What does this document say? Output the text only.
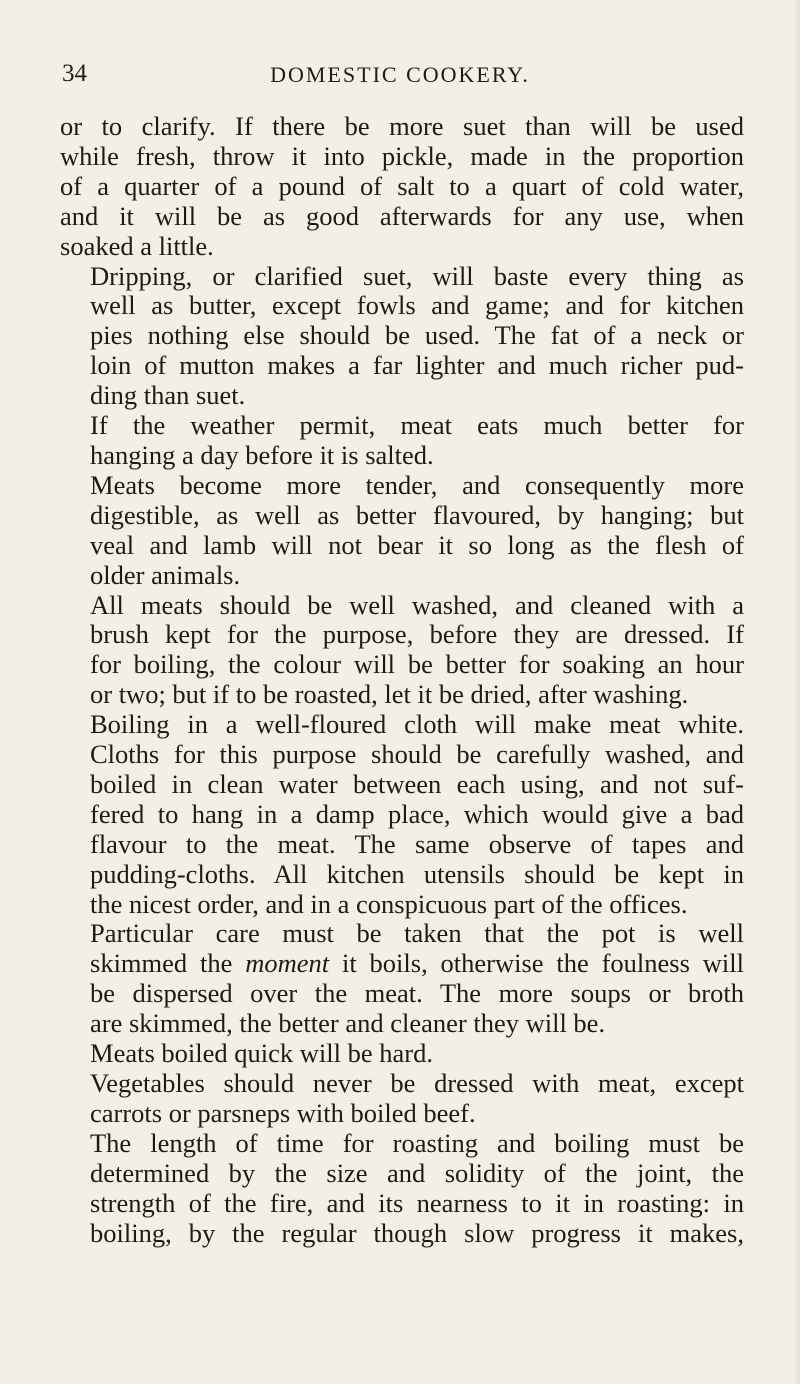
34	DOMESTIC COOKERY.

or to clarify. If there be more suet than will be used
while fresh, throw it into pickle, made in the proportion
of a quarter of a pound of salt to a quart of cold water,
and it will be as good afterwards for any use, when
soaked a little.

Dripping, or clarified suet, will baste every thing as
well as butter, except fowls and game; and for kitchen
pies nothing else should be used. The fat of a neck or
loin of mutton makes a far lighter and much richer pud-
ding than suet.

If the weather permit, meat eats much better for
hanging a day before it is salted.

Meats become more tender, and consequently more
digestible, as well as better flavoured, by hanging; but
veal and lamb will not bear it so long as the flesh of
older animals.

All meats should be well washed, and cleaned with a
brush kept for the purpose, before they are dressed. If
for boiling, the colour will be better for soaking an hour
or two; but if to be roasted, let it be dried, after washing.

Boiling in a well-floured cloth will make meat white.
Cloths for this purpose should be carefully washed, and
boiled in clean water between each using, and not suf-
fered to hang in a damp place, which would give a bad
flavour to the meat. The same observe of tapes and
pudding-cloths. All kitchen utensils should be kept in
the nicest order, and in a conspicuous part of the offices.

Particular care must be taken that the pot is well
skimmed the moment it boils, otherwise the foulness will
be dispersed over the meat. The more soups or broth
are skimmed, the better and cleaner they will be.

Meats boiled quick will be hard.

Vegetables should never be dressed with meat, except
carrots or parsneps with boiled beef.

The length of time for roasting and boiling must be
determined by the size and solidity of the joint, the
strength of the fire, and its nearness to it in roasting: in
boiling, by the regular though slow progress it makes,
